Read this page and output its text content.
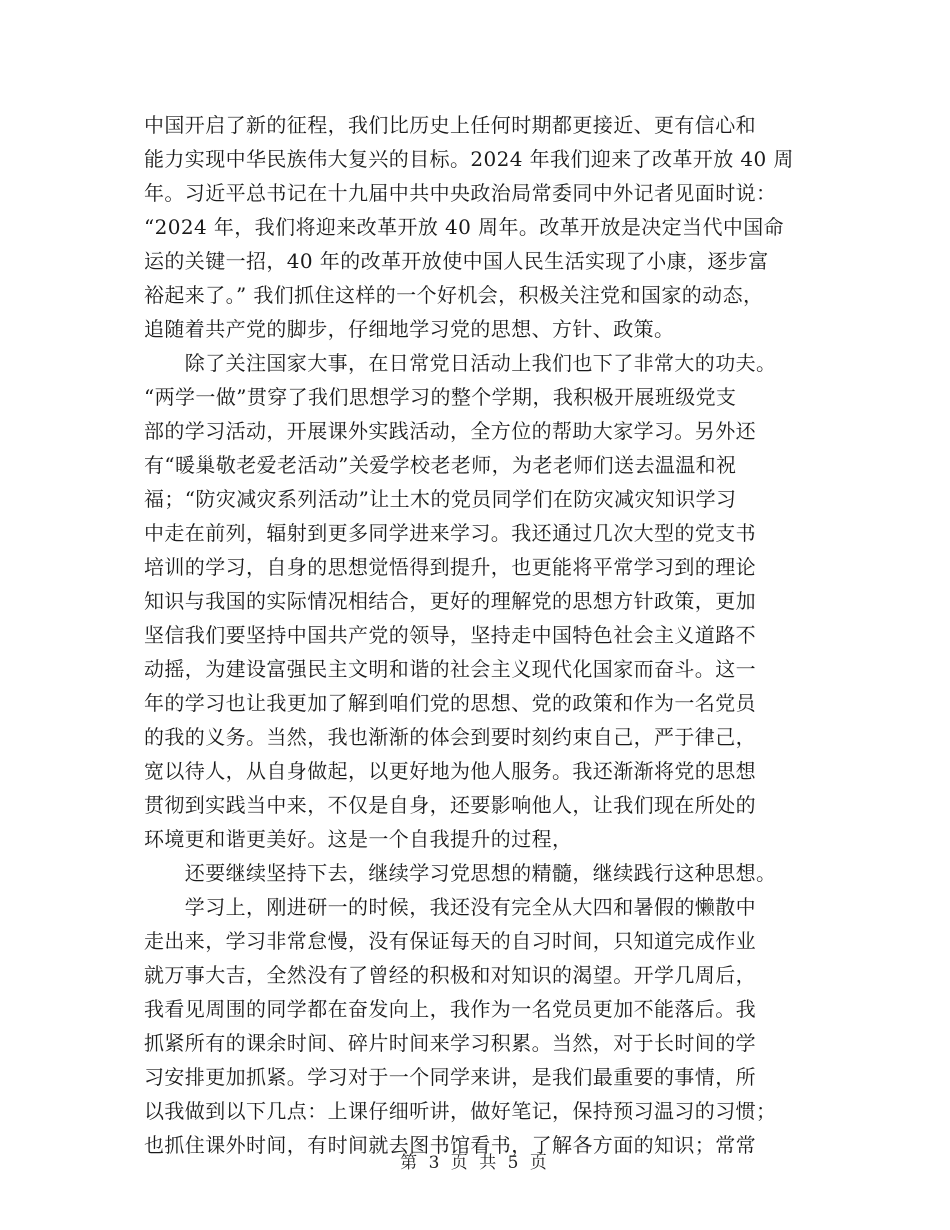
中国开启了新的征程，我们比历史上任何时期都更接近、更有信心和
能力实现中华民族伟大复兴的目标。2024 年我们迎来了改革开放 40 周
年。习近平总书记在十九届中共中央政治局常委同中外记者见面时说：
“2024 年，我们将迎来改革开放 40 周年。改革开放是决定当代中国命
运的关键一招，40 年的改革开放使中国人民生活实现了小康，逐步富
裕起来了。” 我们抓住这样的一个好机会，积极关注党和国家的动态，
追随着共产党的脚步，仔细地学习党的思想、方针、政策。
　　除了关注国家大事，在日常党日活动上我们也下了非常大的功夫。
“两学一做”贯穿了我们思想学习的整个学期，我积极开展班级党支
部的学习活动，开展课外实践活动，全方位的帮助大家学习。另外还
有“暖巢敬老爱老活动”关爱学校老老师，为老老师们送去温温和祝
福；“防灾减灾系列活动”让土木的党员同学们在防灾减灾知识学习
中走在前列，辐射到更多同学进来学习。我还通过几次大型的党支书
培训的学习，自身的思想觉悟得到提升，也更能将平常学习到的理论
知识与我国的实际情况相结合，更好的理解党的思想方针政策，更加
坚信我们要坚持中国共产党的领导，坚持走中国特色社会主义道路不
动摇，为建设富强民主文明和谐的社会主义现代化国家而奋斗。这一
年的学习也让我更加了解到咱们党的思想、党的政策和作为一名党员
的我的义务。当然，我也渐渐的体会到要时刻约束自己，严于律己，
宽以待人，从自身做起，以更好地为他人服务。我还渐渐将党的思想
贯彻到实践当中来，不仅是自身，还要影响他人，让我们现在所处的
环境更和谐更美好。这是一个自我提升的过程，
　　还要继续坚持下去，继续学习党思想的精髓，继续践行这种思想。
　　学习上，刚进研一的时候，我还没有完全从大四和暑假的懒散中
走出来，学习非常怠慢，没有保证每天的自习时间，只知道完成作业
就万事大吉，全然没有了曾经的积极和对知识的渴望。开学几周后，
我看见周围的同学都在奋发向上，我作为一名党员更加不能落后。我
抓紧所有的课余时间、碎片时间来学习积累。当然，对于长时间的学
习安排更加抓紧。学习对于一个同学来讲，是我们最重要的事情，所
以我做到以下几点：上课仔细听讲，做好笔记，保持预习温习的习惯；
也抓住课外时间，有时间就去图书馆看书，了解各方面的知识；常常
第 3 页 共 5 页
